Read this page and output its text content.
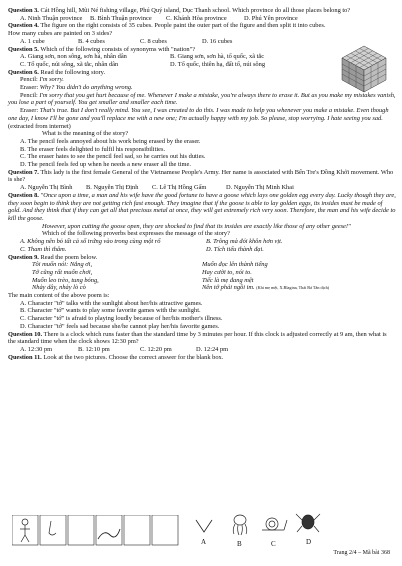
Question 3. Cát Hồng hill, Mũi Né fishing village, Phú Quý island, Dục Thanh school. Which province do all those places belong to?

A. Ninh Thuận province	B. Bình Thuận province	C. Khánh Hòa province	D. Phú Yên province

Question 4. The figure on the right consists of 35 cubes. People paint the outer part of the figure and then split it into cubes. How many cubes are painted on 3 sides?

A. 1 cube	B. 4 cubes	C. 8 cubes	D. 16 cubes

Question 5. Which of the following consists of synonyms with "nation"?

A. Giang sơn, non sông, sơn hà, nhân dân	B. Giang sơn, sơn hà, tổ quốc, xã tắc
C. Tổ quốc, núi sông, xã tắc, nhân dân	D. Tổ quốc, thiên hạ, đất tổ, núi sông

Question 6. Read the following story.

Pencil: I'm sorry.

Eraser: Why? You didn't do anything wrong.

Pencil: I'm sorry that you get hurt because of me. Whenever I make a mistake, you're always there to erase it. But as you make my mistakes vanish, you lose a part of yourself. You get smaller and smaller each time.

Eraser: That's true. But I don't really mind. You see, I was created to do this. I was made to help you whenever you make a mistake. Even though one day, I know I'll be gone and you'll replace me with a new one; I'm actually happy with my job. So please, stop worrying. I hate seeing you sad. (extracted from internet)

What is the meaning of the story?

A. The pencil feels annoyed about his work being erased by the eraser.

B. The eraser feels delighted to fulfil his responsibilities.

C. The eraser hates to see the pencil feel sad, so he carries out his duties.

D. The pencil feels fed up when he needs a new eraser all the time.

Question 7. This lady is the first female General of the Vietnamese People's Army. Her name is associated with Bến Tre's Đồng Khởi movement. Who is she?

A. Nguyễn Thị Bình	B. Nguyễn Thị Định	C. Lê Thị Hồng Gấm	D. Nguyễn Thị Minh Khai

Question 8. "Once upon a time, a man and his wife have the good fortune to have a goose which lays one golden egg every day. Lucky though they are, they soon begin to think they are not getting rich fast enough. They imagine that if the goose is able to lay golden eggs, its insides must be made of gold. And they think that if they can get all that precious metal at once, they will get extremely rich very soon. Therefore, the man and his wife decide to kill the goose.

However, upon cutting the goose open, they are shocked to find that its insides are exactly like those of any other geese!"

Which of the following proverbs best expresses the message of the story?

A. Không nên bỏ tất cả số trứng vào trong cùng một rổ	B. Trông mà đói khôn hơn vịt.
C. Tham thì thâm.	D. Tích tiểu thành đại.

Question 9. Read the poem below.

Tôi muốn nói: Nắng ơi,	Muốn đọc lên thành tiếng
Tớ cũng rất muốn chơi,	Hay cười to, nói to.
Muốn leo trèo, tung bóng,	Tiếc là mẹ đang mệt
Nhảy dây, nhảy lò cò	Nên tớ phải ngồi im. (Khi mẹ mệt, X.Blagina, Thái Bá Tân dịch)

The main content of the above poem is:

A. Character "tớ" talks with the sunlight about her/his attractive games.

B. Character "tớ" wants to play some favorite games with the sunlight.

C. Character "tớ" is afraid to playing loudly because of her/his mother's illness.

D. Character "tớ" feels sad because she/he cannot play her/his favorite games.

Question 10. There is a clock which runs faster than the standard time by 3 minutes per hour. If this clock is adjusted correctly at 9 am, then what is the standard time when the clock shows 12:30 pm?

A. 12:30 pm	B. 12:10 pm	C. 12:20 pm	D. 12:24 pm

Question 11. Look at the two pictures. Choose the correct answer for the blank box.

Trang 2/4 – Mã bài 368
A	B	C	D
